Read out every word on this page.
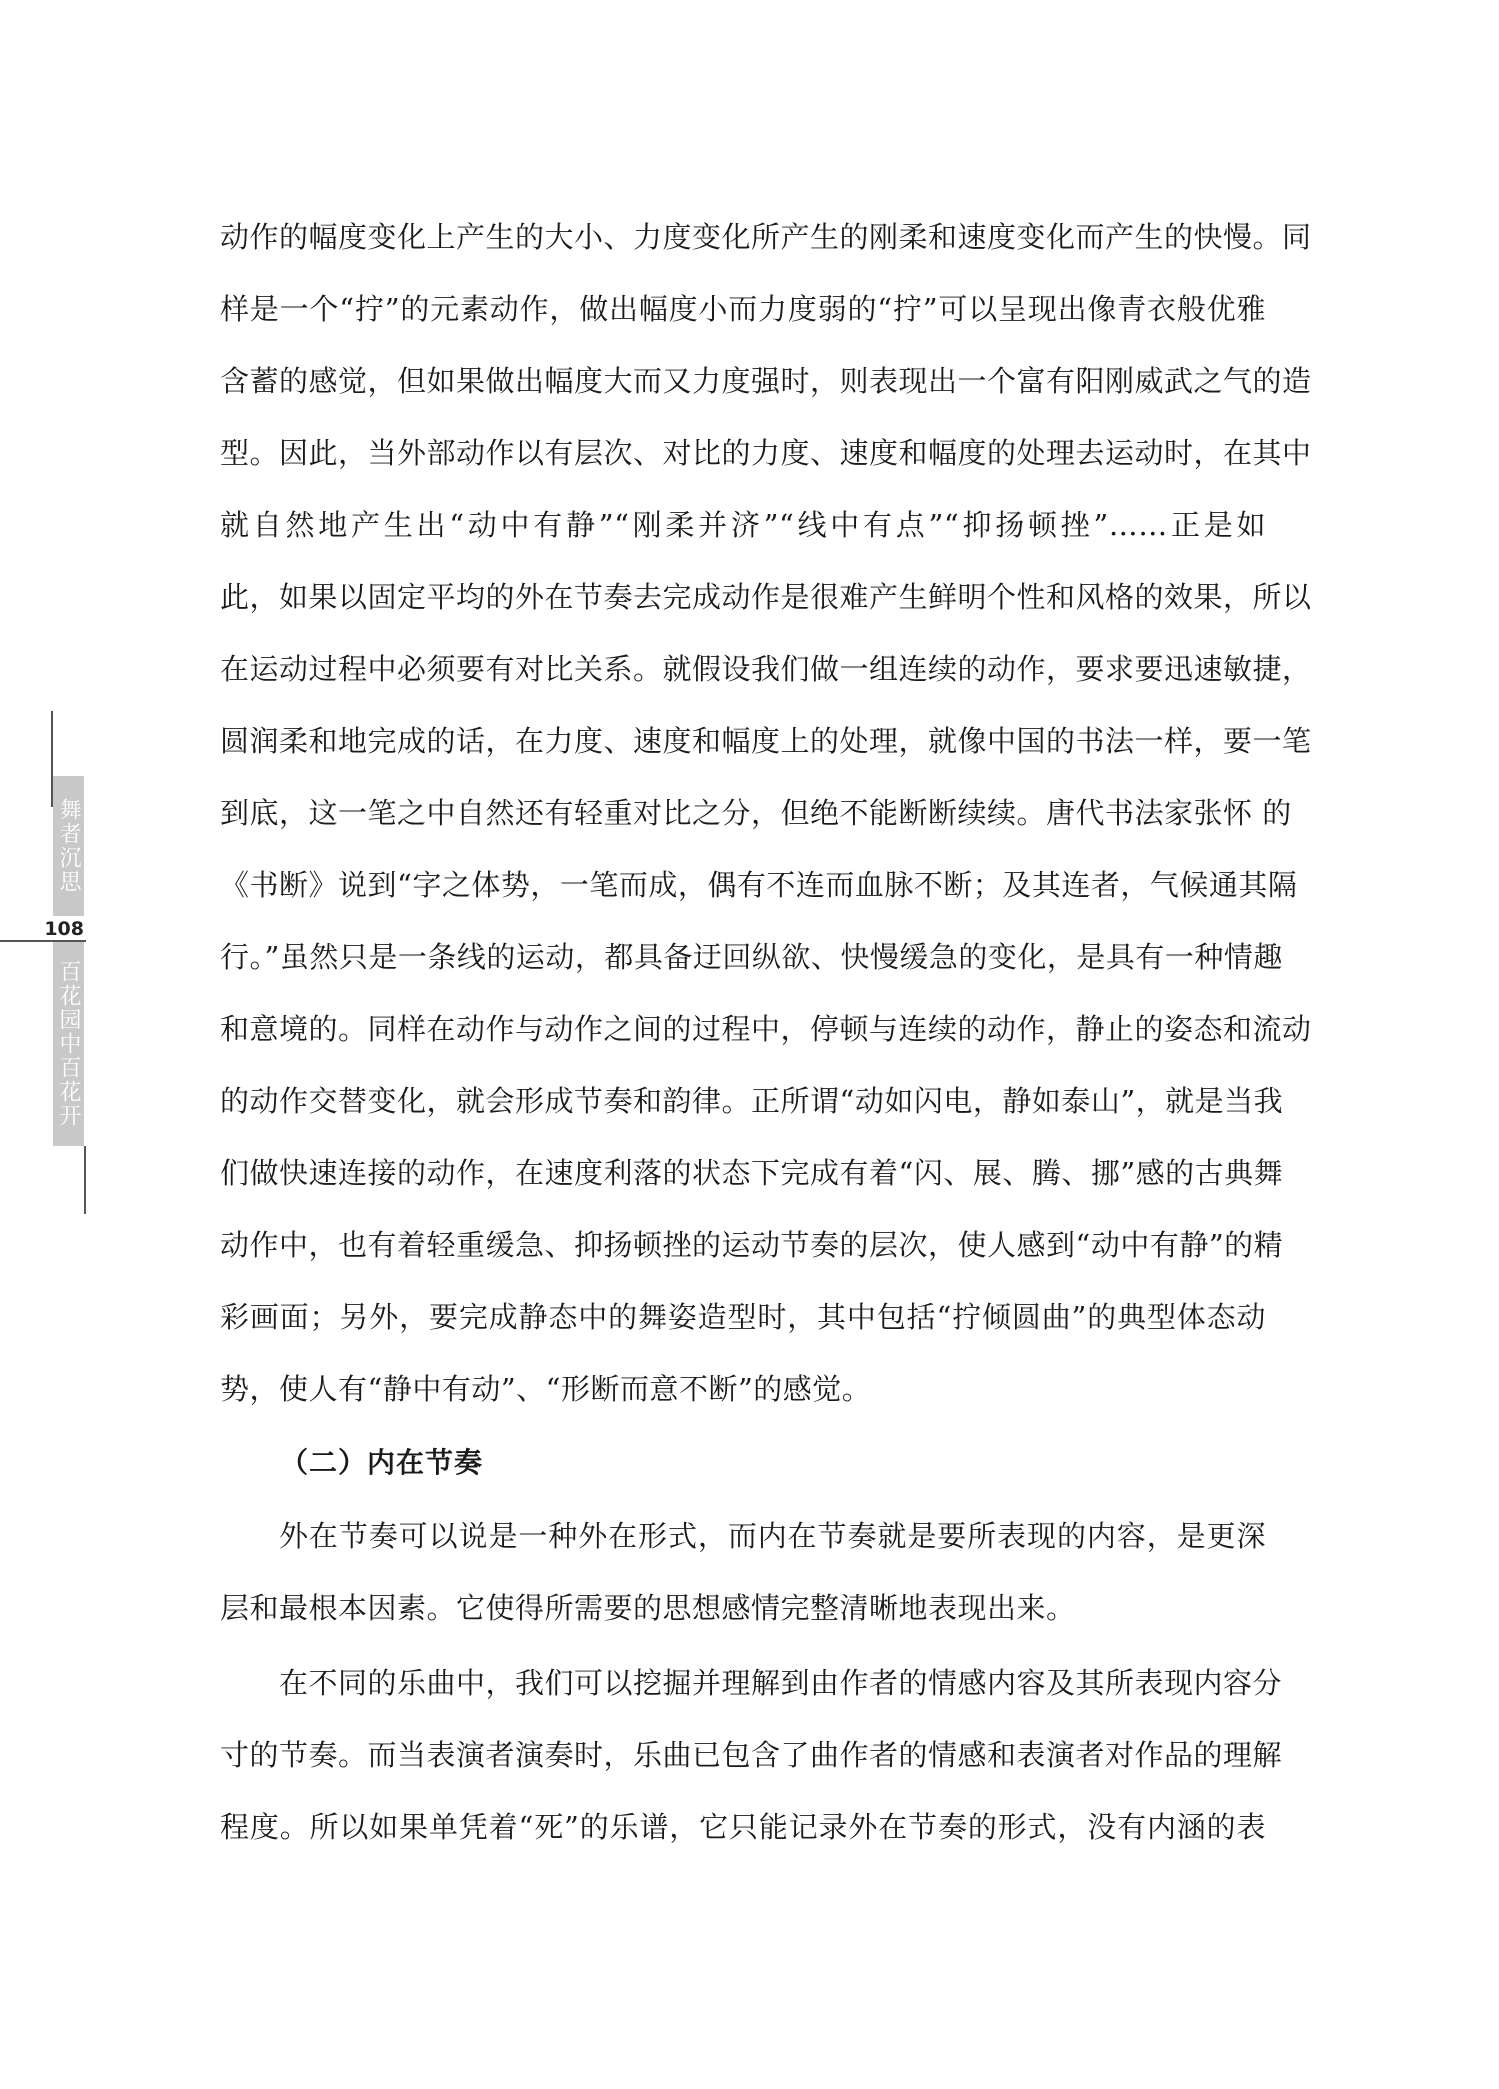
舞者沉思
108
百花园中百花开
动作的幅度变化上产生的大小、力度变化所产生的刚柔和速度变化而产生的快慢。同
样是一个“拧”的元素动作，做出幅度小而力度弱的“拧”可以呈现出像青衣般优雅
含蓄的感觉，但如果做出幅度大而又力度强时，则表现出一个富有阳刚威武之气的造
型。因此，当外部动作以有层次、对比的力度、速度和幅度的处理去运动时，在其中
就自然地产生出“动中有静”“刚柔并济”“线中有点”“抑扬顿挫”……正是如
此，如果以固定平均的外在节奏去完成动作是很难产生鲜明个性和风格的效果，所以
在运动过程中必须要有对比关系。就假设我们做一组连续的动作，要求要迅速敏捷，
圆润柔和地完成的话，在力度、速度和幅度上的处理，就像中国的书法一样，要一笔
到底，这一笔之中自然还有轻重对比之分，但绝不能断断续续。唐代书法家张怀 的
《书断》说到“字之体势，一笔而成，偶有不连而血脉不断；及其连者，气候通其隔
行。”虽然只是一条线的运动，都具备迂回纵欲、快慢缓急的变化，是具有一种情趣
和意境的。同样在动作与动作之间的过程中，停顿与连续的动作，静止的姿态和流动
的动作交替变化，就会形成节奏和韵律。正所谓“动如闪电，静如泰山”，就是当我
们做快速连接的动作，在速度利落的状态下完成有着“闪、展、腾、挪”感的古典舞
动作中，也有着轻重缓急、抑扬顿挫的运动节奏的层次，使人感到“动中有静”的精
彩画面；另外，要完成静态中的舞姿造型时，其中包括“拧倾圆曲”的典型体态动
势，使人有“静中有动”、“形断而意不断”的感觉。
（二）内在节奏
外在节奏可以说是一种外在形式，而内在节奏就是要所表现的内容，是更深
层和最根本因素。它使得所需要的思想感情完整清晰地表现出来。
在不同的乐曲中，我们可以挖掘并理解到由作者的情感内容及其所表现内容分
寸的节奏。而当表演者演奏时，乐曲已包含了曲作者的情感和表演者对作品的理解
程度。所以如果单凭着“死”的乐谱，它只能记录外在节奏的形式，没有内涵的表
